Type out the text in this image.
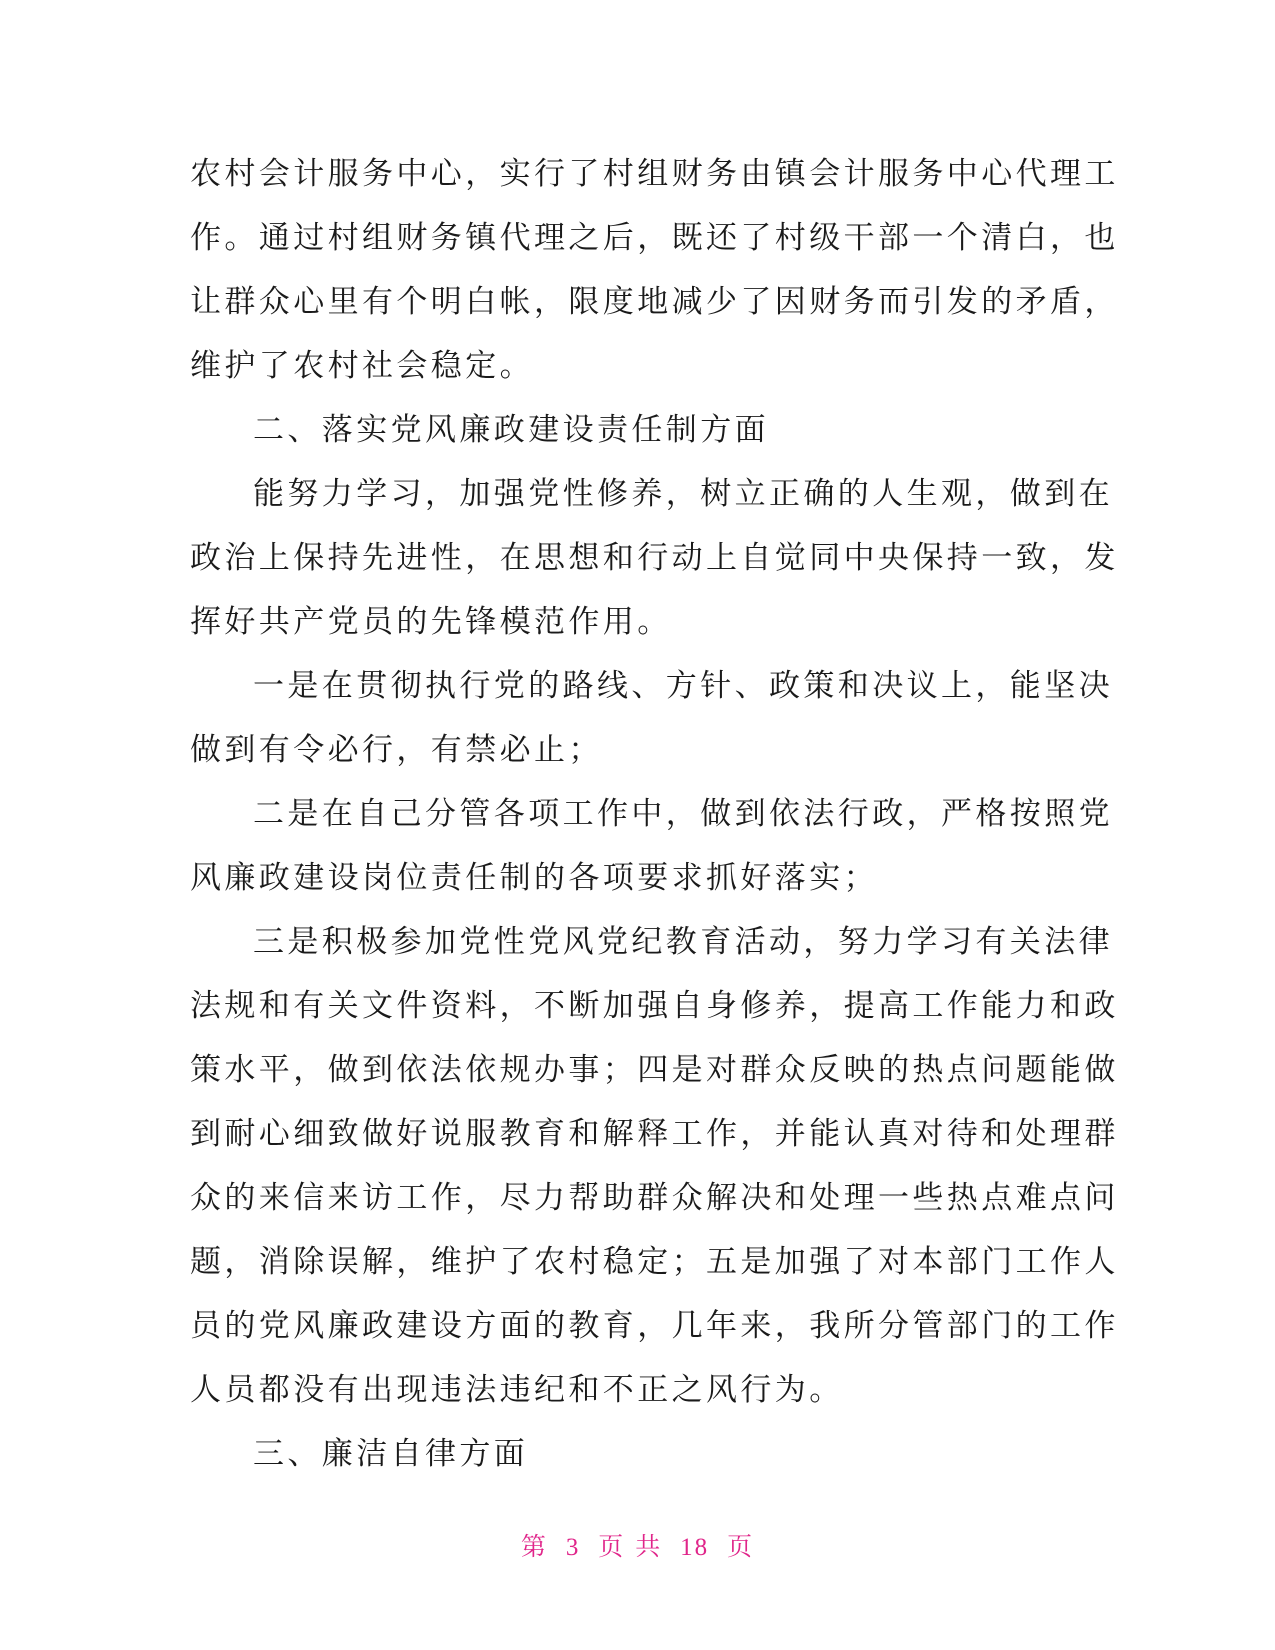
农村会计服务中心，实行了村组财务由镇会计服务中心代理工
作。通过村组财务镇代理之后，既还了村级干部一个清白，也
让群众心里有个明白帐，限度地减少了因财务而引发的矛盾，
维护了农村社会稳定。
二、落实党风廉政建设责任制方面
能努力学习，加强党性修养，树立正确的人生观，做到在
政治上保持先进性，在思想和行动上自觉同中央保持一致，发
挥好共产党员的先锋模范作用。
一是在贯彻执行党的路线、方针、政策和决议上，能坚决
做到有令必行，有禁必止；
二是在自己分管各项工作中，做到依法行政，严格按照党
风廉政建设岗位责任制的各项要求抓好落实；
三是积极参加党性党风党纪教育活动，努力学习有关法律
法规和有关文件资料，不断加强自身修养，提高工作能力和政
策水平，做到依法依规办事；四是对群众反映的热点问题能做
到耐心细致做好说服教育和解释工作，并能认真对待和处理群
众的来信来访工作，尽力帮助群众解决和处理一些热点难点问
题，消除误解，维护了农村稳定；五是加强了对本部门工作人
员的党风廉政建设方面的教育，几年来，我所分管部门的工作
人员都没有出现违法违纪和不正之风行为。
三、廉洁自律方面
第 3 页 共 18 页
